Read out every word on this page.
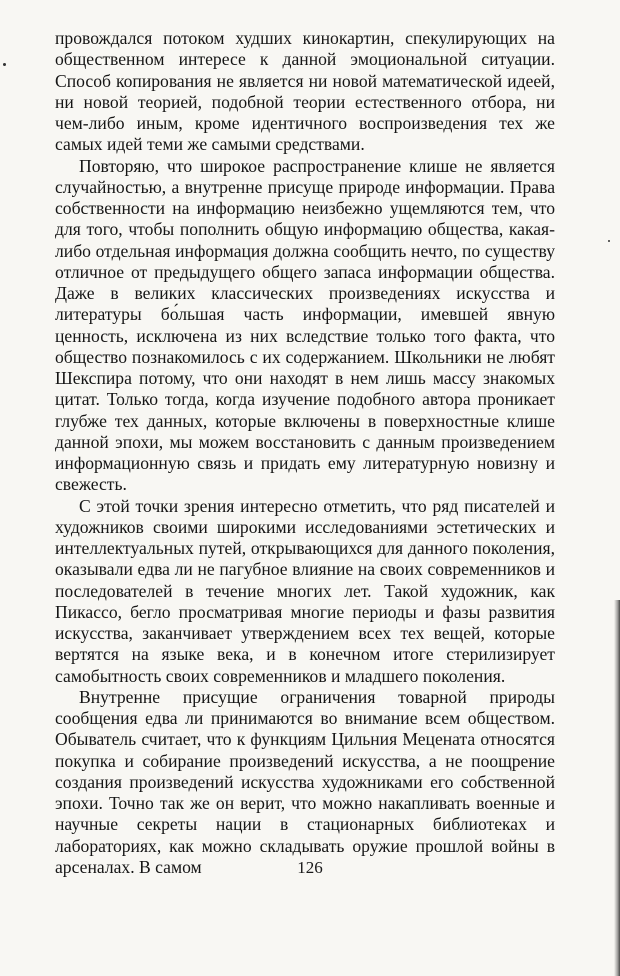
провождался потоком худших кинокартин, спекулирующих на общественном интересе к данной эмоциональной ситуации. Способ копирования не является ни новой математической идеей, ни новой теорией, подобной теории естественного отбора, ни чем-либо иным, кроме идентичного воспроизведения тех же самых идей теми же самыми средствами.

Повторяю, что широкое распространение клише не является случайностью, а внутренне присуще природе информации. Права собственности на информацию неизбежно ущемляются тем, что для того, чтобы пополнить общую информацию общества, какая-либо отдельная информация должна сообщить нечто, по существу отличное от предыдущего общего запаса информации общества. Даже в великих классических произведениях искусства и литературы бо́льшая часть информации, имевшей явную ценность, исключена из них вследствие только того факта, что общество познакомилось с их содержанием. Школьники не любят Шекспира потому, что они находят в нем лишь массу знакомых цитат. Только тогда, когда изучение подобного автора проникает глубже тех данных, которые включены в поверхностные клише данной эпохи, мы можем восстановить с данным произведением информационную связь и придать ему литературную новизну и свежесть.

С этой точки зрения интересно отметить, что ряд писателей и художников своими широкими исследованиями эстетических и интеллектуальных путей, открывающихся для данного поколения, оказывали едва ли не пагубное влияние на своих современников и последователей в течение многих лет. Такой художник, как Пикассо, бегло просматривая многие периоды и фазы развития искусства, заканчивает утверждением всех тех вещей, которые вертятся на языке века, и в конечном итоге стерилизирует самобытность своих современников и младшего поколения.

Внутренне присущие ограничения товарной природы сообщения едва ли принимаются во внимание всем обществом. Обыватель считает, что к функциям Цильния Мецената относятся покупка и собирание произведений искусства, а не поощрение создания произведений искусства художниками его собственной эпохи. Точно так же он верит, что можно накапливать военные и научные секреты нации в стационарных библиотеках и лабораториях, как можно складывать оружие прошлой войны в арсеналах. В самом	126
